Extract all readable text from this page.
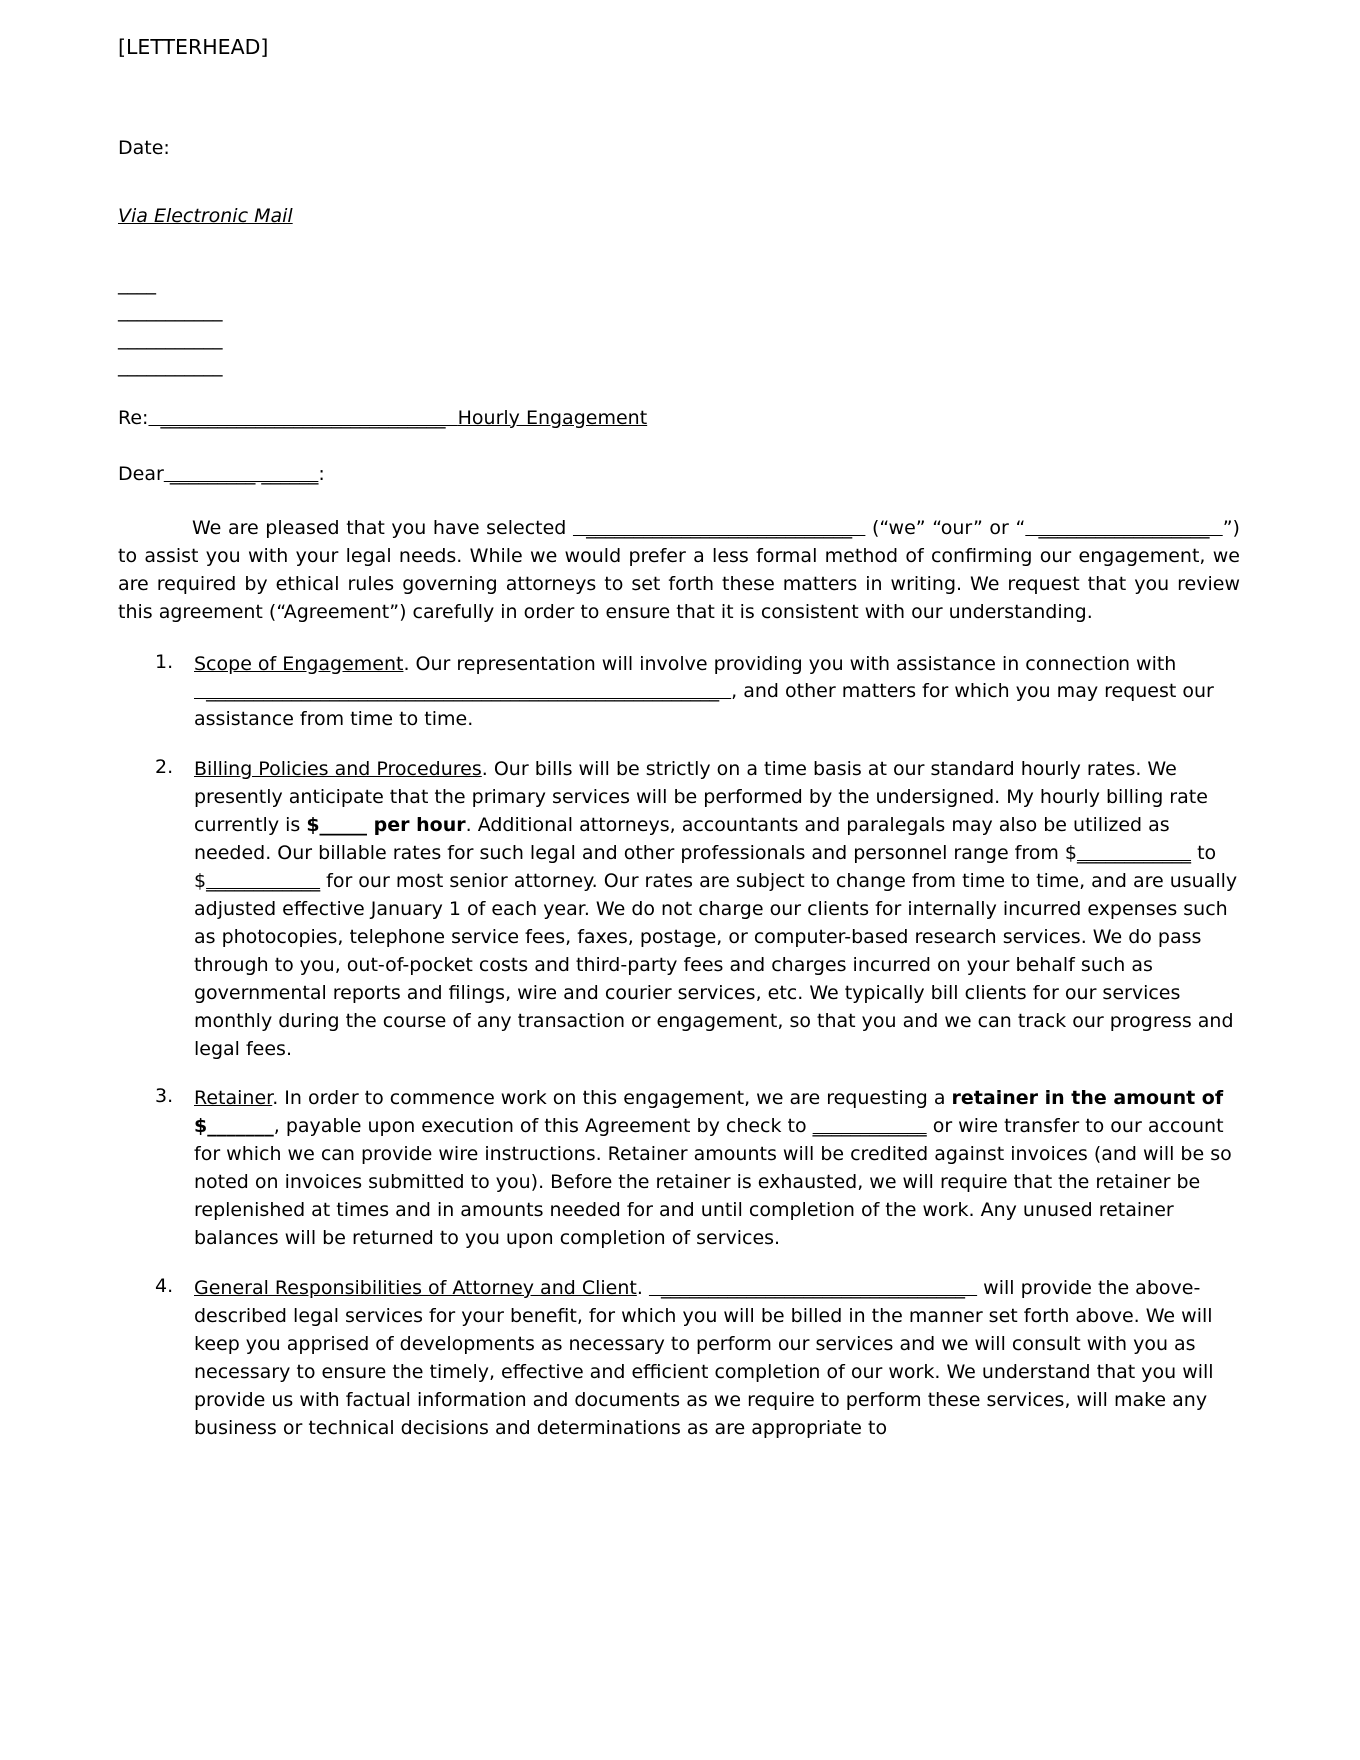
[LETTERHEAD]
Date:
Via Electronic Mail
____
___________
___________
___________
Re:  ______________________________  Hourly Engagement
Dear _________ ______:

We are pleased that you have selected   ____________________________   (“we” “our” or “  __________________  ”) to assist you with your legal needs. While we would prefer a less formal method of confirming our engagement, we are required by ethical rules governing attorneys to set forth these matters in writing. We request that you review this agreement (“Agreement”) carefully in order to ensure that it is consistent with our understanding.

1. Scope of Engagement. Our representation will involve providing you with assistance in connection with   ______________________________________________________  , and other matters for which you may request our assistance from time to time.
2. Billing Policies and Procedures. Our bills will be strictly on a time basis at our standard hourly rates. We presently anticipate that the primary services will be performed by the undersigned. My hourly billing rate currently is $_____ per hour. Additional attorneys, accountants and paralegals may also be utilized as needed. Our billable rates for such legal and other professionals and personnel range from $____________ to $____________ for our most senior attorney. Our rates are subject to change from time to time, and are usually adjusted effective January 1 of each year. We do not charge our clients for internally incurred expenses such as photocopies, telephone service fees, faxes, postage, or computer-based research services. We do pass through to you, out-of-pocket costs and third-party fees and charges incurred on your behalf such as governmental reports and filings, wire and courier services, etc. We typically bill clients for our services monthly during the course of any transaction or engagement, so that you and we can track our progress and legal fees.
3. Retainer. In order to commence work on this engagement, we are requesting a retainer in the amount of $_______, payable upon execution of this Agreement by check to ____________ or wire transfer to our account for which we can provide wire instructions. Retainer amounts will be credited against invoices (and will be so noted on invoices submitted to you). Before the retainer is exhausted, we will require that the retainer be replenished at times and in amounts needed for and until completion of the work. Any unused retainer balances will be returned to you upon completion of services.
4. General Responsibilities of Attorney and Client.   ________________________________   will provide the above-described legal services for your benefit, for which you will be billed in the manner set forth above. We will keep you apprised of developments as necessary to perform our services and we will consult with you as necessary to ensure the timely, effective and efficient completion of our work. We understand that you will provide us with factual information and documents as we require to perform these services, will make any business or technical decisions and determinations as are appropriate to
